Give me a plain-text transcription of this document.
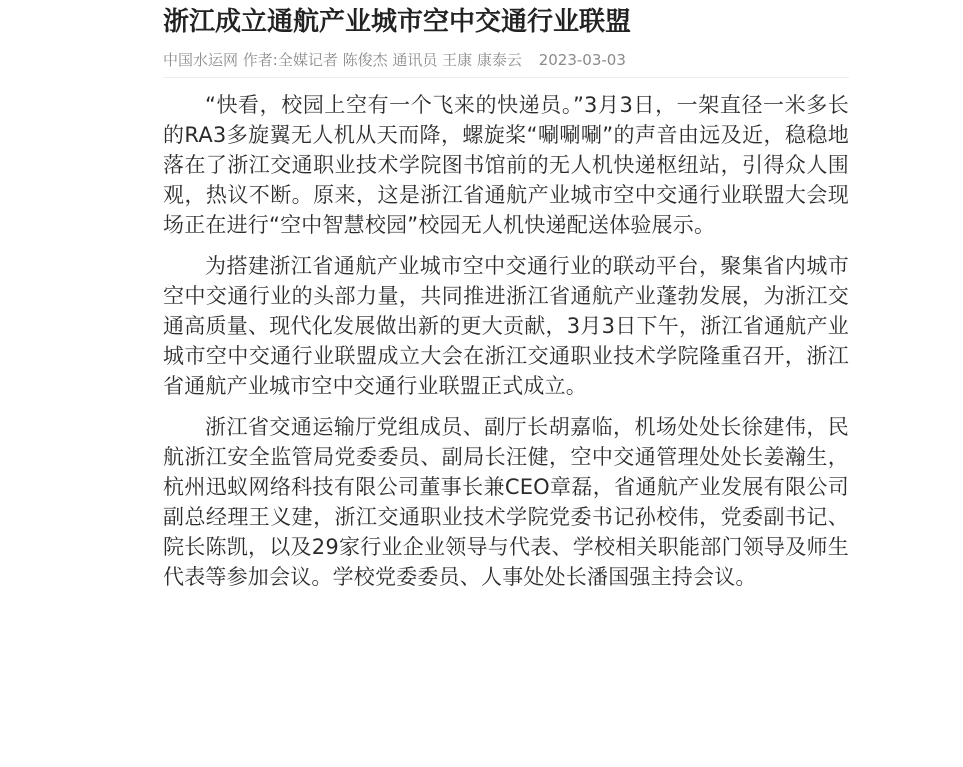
浙江成立通航产业城市空中交通行业联盟
中国水运网 作者:全媒记者 陈俊杰 通讯员 王康 康泰云 2023-03-03

“快看，校园上空有一个飞来的快递员。”3月3日，一架直径一米多长的RA3多旋翼无人机从天而降，螺旋桨“唰唰唰”的声音由远及近，稳稳地落在了浙江交通职业技术学院图书馆前的无人机快递枢纽站，引得众人围观，热议不断。原来，这是浙江省通航产业城市空中交通行业联盟大会现场正在进行“空中智慧校园”校园无人机快递配送体验展示。

为搭建浙江省通航产业城市空中交通行业的联动平台，聚集省内城市空中交通行业的头部力量，共同推进浙江省通航产业蓬勃发展，为浙江交通高质量、现代化发展做出新的更大贡献，3月3日下午，浙江省通航产业城市空中交通行业联盟成立大会在浙江交通职业技术学院隆重召开，浙江省通航产业城市空中交通行业联盟正式成立。

浙江省交通运输厅党组成员、副厅长胡嘉临，机场处处长徐建伟，民航浙江安全监管局党委委员、副局长汪健，空中交通管理处处长姜瀚生，杭州迅蚁网络科技有限公司董事长兼CEO章磊，省通航产业发展有限公司副总经理王义建，浙江交通职业技术学院党委书记孙校伟，党委副书记、院长陈凯，以及29家行业企业领导与代表、学校相关职能部门领导及师生代表等参加会议。学校党委委员、人事处处长潘国强主持会议。
